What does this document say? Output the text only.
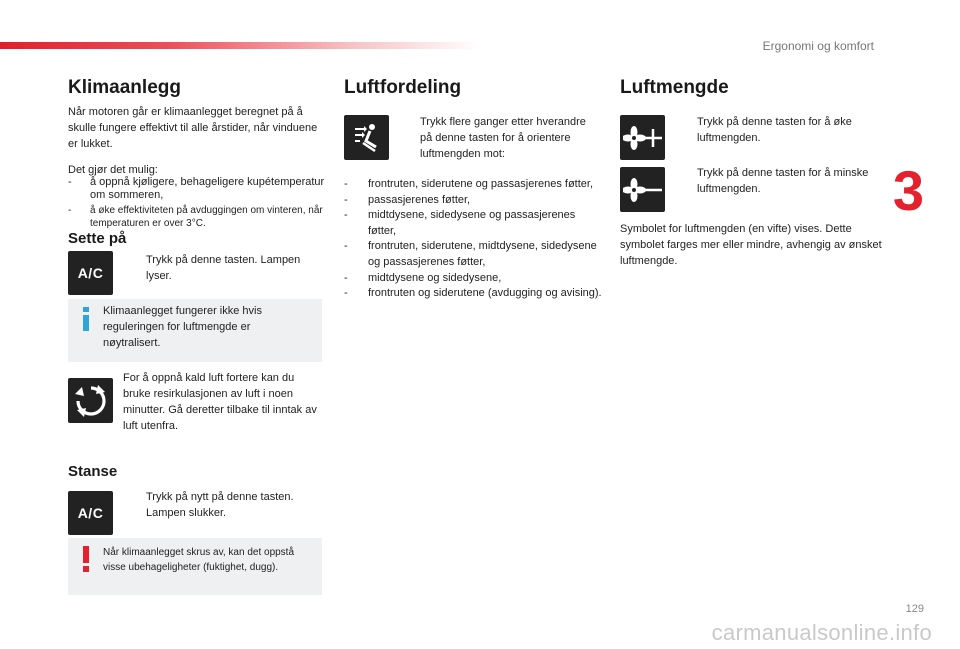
Ergonomi og komfort
Klimaanlegg
Når motoren går er klimaanlegget beregnet på å skulle fungere effektivt til alle årstider, når vinduene er lukket.
Det gjør det mulig:
- å oppnå kjøligere, behageligere kupétemperatur om sommeren,
- å øke effektiviteten på avduggingen om vinteren, når temperaturen er over 3°C.
Sette på
A/C
Trykk på denne tasten. Lampen lyser.
Klimaanlegget fungerer ikke hvis reguleringen for luftmengde er nøytralisert.
For å oppnå kald luft fortere kan du bruke resirkulasjonen av luft i noen minutter. Gå deretter tilbake til inntak av luft utenfra.
Stanse
A/C
Trykk på nytt på denne tasten. Lampen slukker.
Når klimaanlegget skrus av, kan det oppstå visse ubehageligheter (fuktighet, dugg).
Luftfordeling
Trykk flere ganger etter hverandre på denne tasten for å orientere luftmengden mot:
- frontruten, siderutene og passasjerenes føtter,
- passasjerenes føtter,
- midtdysene, sidedysene og passasjerenes føtter,
- frontruten, siderutene, midtdysene, sidedysene og passasjerenes føtter,
- midtdysene og sidedysene,
- frontruten og siderutene (avdugging og avising).
Luftmengde
Trykk på denne tasten for å øke luftmengden.
Trykk på denne tasten for å minske luftmengden.
Symbolet for luftmengden (en vifte) vises. Dette symbolet farges mer eller mindre, avhengig av ønsket luftmengde.
3
129
carmanualsonline.info
